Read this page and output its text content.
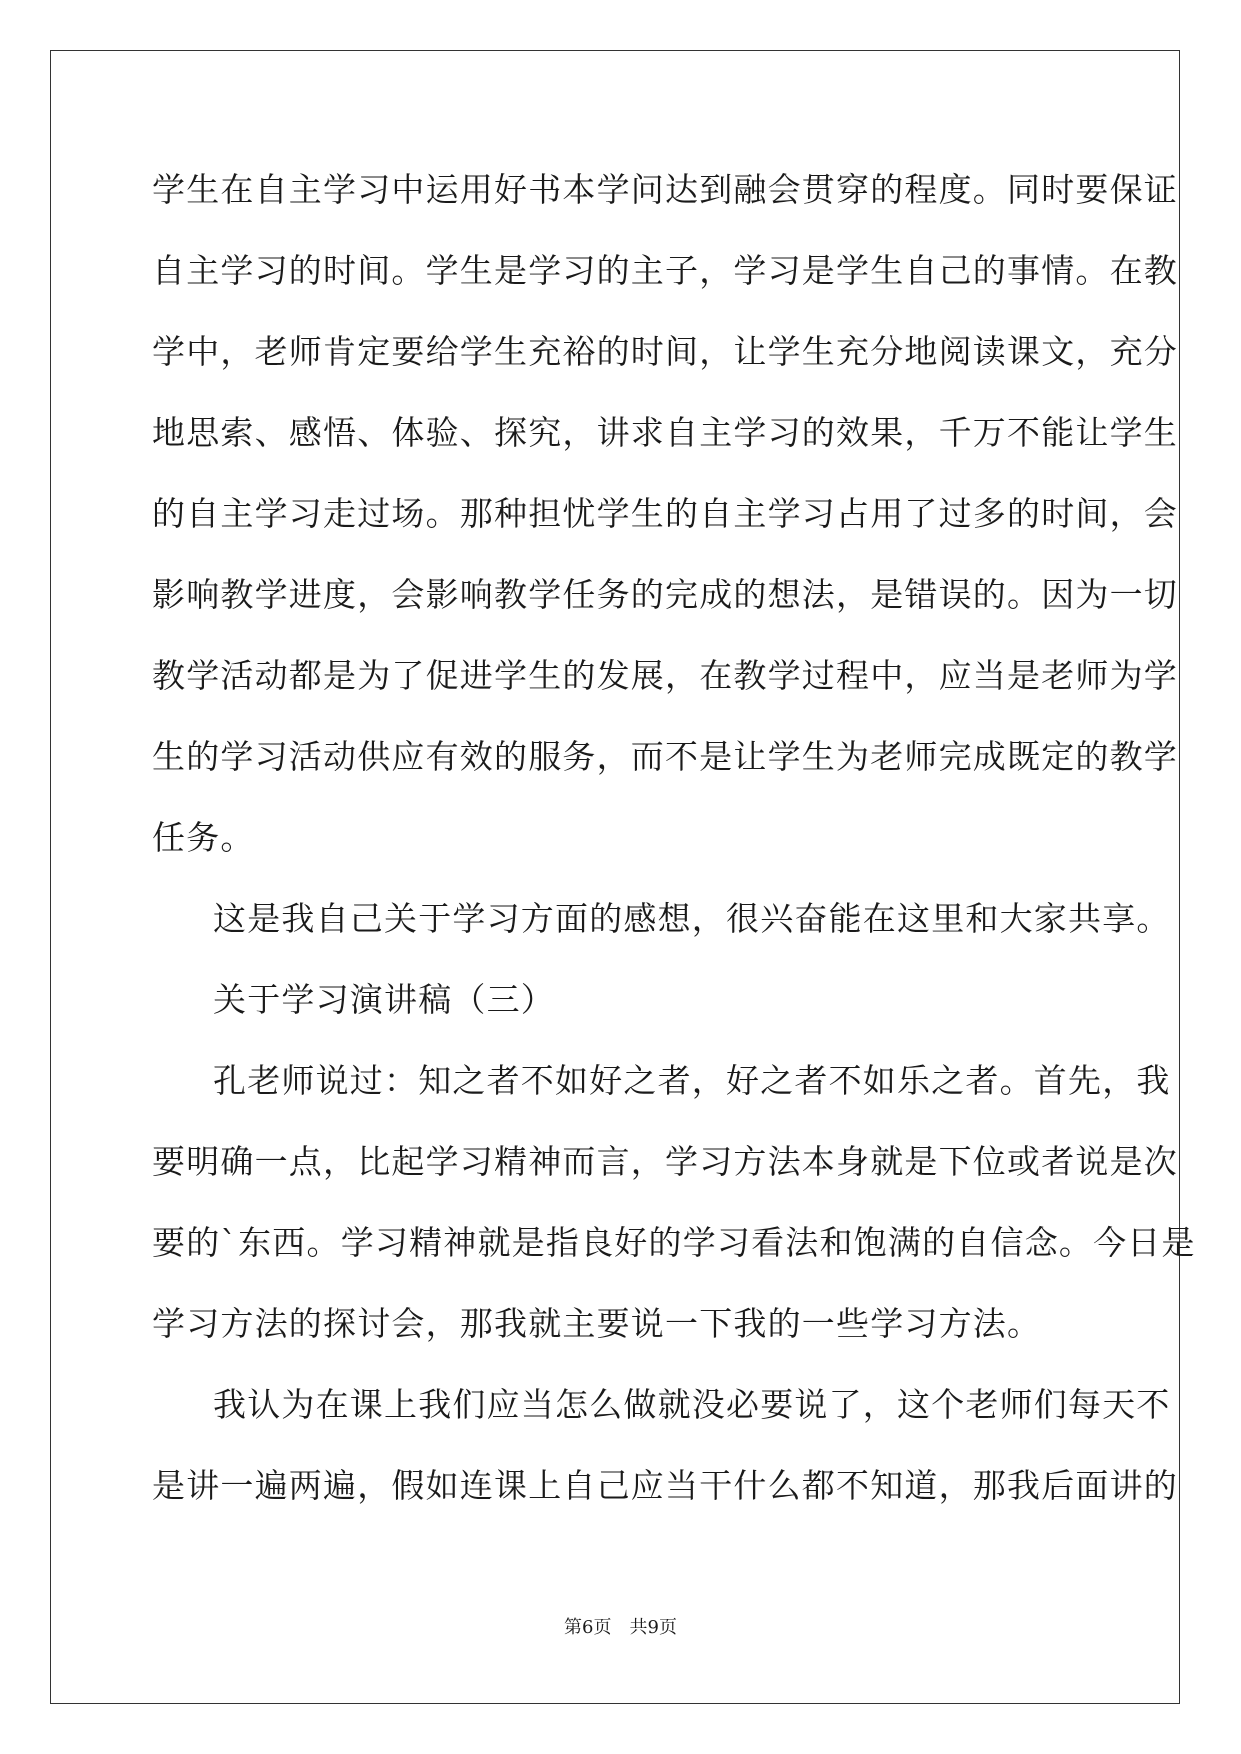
学生在自主学习中运用好书本学问达到融会贯穿的程度。同时要保证
自主学习的时间。学生是学习的主子，学习是学生自己的事情。在教
学中，老师肯定要给学生充裕的时间，让学生充分地阅读课文，充分
地思索、感悟、体验、探究，讲求自主学习的效果，千万不能让学生
的自主学习走过场。那种担忧学生的自主学习占用了过多的时间，会
影响教学进度，会影响教学任务的完成的想法，是错误的。因为一切
教学活动都是为了促进学生的发展，在教学过程中，应当是老师为学
生的学习活动供应有效的服务，而不是让学生为老师完成既定的教学
任务。
这是我自己关于学习方面的感想，很兴奋能在这里和大家共享。
关于学习演讲稿（三）
孔老师说过：知之者不如好之者，好之者不如乐之者。首先，我
要明确一点，比起学习精神而言，学习方法本身就是下位或者说是次
要的`东西。学习精神就是指良好的学习看法和饱满的自信念。今日是
学习方法的探讨会，那我就主要说一下我的一些学习方法。
我认为在课上我们应当怎么做就没必要说了，这个老师们每天不
是讲一遍两遍，假如连课上自己应当干什么都不知道，那我后面讲的
第6页　共9页
